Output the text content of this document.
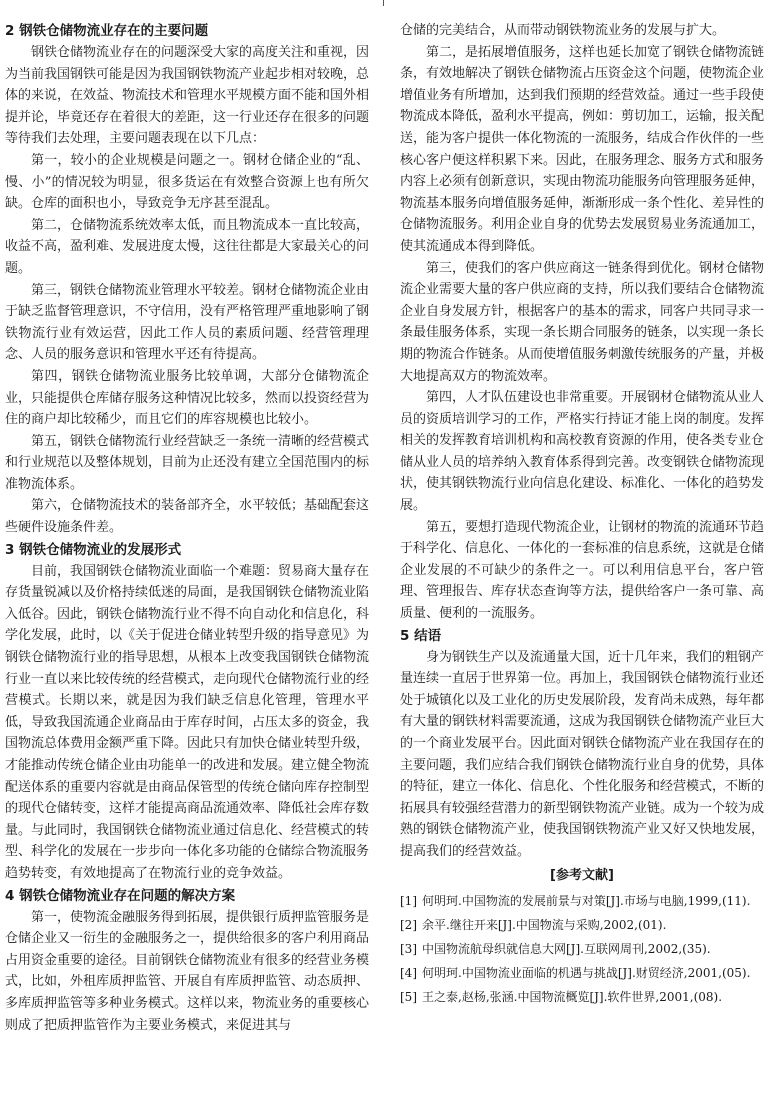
2 钢铁仓储物流业存在的主要问题

钢铁仓储物流业存在的问题深受大家的高度关注和重视，因为当前我国钢铁可能是因为我国钢铁物流产业起步相对较晚，总体的来说，在效益、物流技术和管理水平规模方面不能和国外相提并论，毕竟还存在着很大的差距，这一行业还存在很多的问题等待我们去处理，主要问题表现在以下几点：

第一，较小的企业规模是问题之一。钢材仓储企业的“乱、慢、小”的情况较为明显，很多货运在有效整合资源上也有所欠缺。仓库的面积也小，导致竞争无序甚至混乱。

第二，仓储物流系统效率太低，而且物流成本一直比较高，收益不高，盈利难、发展进度太慢，这往往都是大家最关心的问题。

第三，钢铁仓储物流业管理水平较差。钢材仓储物流企业由于缺乏监督管理意识，不守信用，没有严格管理严重地影响了钢铁物流行业有效运营，因此工作人员的素质问题、经营管理理念、人员的服务意识和管理水平还有待提高。

第四，钢铁仓储物流业服务比较单调，大部分仓储物流企业，只能提供仓库储存服务这种情况比较多，然而以投资经营为住的商户却比较稀少，而且它们的库容规模也比较小。

第五，钢铁仓储物流行业经营缺乏一条统一清晰的经营模式和行业规范以及整体规划，目前为止还没有建立全国范围内的标准物流体系。

第六，仓储物流技术的装备部齐全，水平较低；基础配套这些硬件设施条件差。

3 钢铁仓储物流业的发展形式

目前，我国钢铁仓储物流业面临一个难题：贸易商大量存在存货量锐减以及价格持续低迷的局面，是我国钢铁仓储物流业陷入低谷。因此，钢铁仓储物流行业不得不向自动化和信息化，科学化发展，此时，以《关于促进仓储业转型升级的指导意见》为钢铁仓储物流行业的指导思想，从根本上改变我国钢铁仓储物流行业一直以来比较传统的经营模式，走向现代仓储物流行业的经营模式。长期以来，就是因为我们缺乏信息化管理，管理水平低，导致我国流通企业商品由于库存时间，占压太多的资金，我国物流总体费用金额严重下降。因此只有加快仓储业转型升级，才能推动传统仓储企业由功能单一的改进和发展。建立健全物流配送体系的重要内容就是由商品保管型的传统仓储向库存控制型的现代仓储转变，这样才能提高商品流通效率、降低社会库存数量。与此同时，我国钢铁仓储物流业通过信息化、经营模式的转型、科学化的发展在一步步向一体化多功能的仓储综合物流服务趋势转变，有效地提高了在物流行业的竞争效益。

4 钢铁仓储物流业存在问题的解决方案

第一，使物流金融服务得到拓展，提供银行质押监管服务是仓储企业又一衍生的金融服务之一，提供给很多的客户利用商品占用资金重要的途径。目前钢铁仓储物流业有很多的经营业务模式，比如，外租库质押监管、开展自有库质押监管、动态质押、多库质押监管等多种业务模式。这样以来，物流业务的重要核心则成了把质押监管作为主要业务模式，来促进其与

仓储的完美结合，从而带动钢铁物流业务的发展与扩大。

第二，是拓展增值服务，这样也延长加宽了钢铁仓储物流链条，有效地解决了钢铁仓储物流占压资金这个问题，使物流企业增值业务有所增加，达到我们预期的经营效益。通过一些手段使物流成本降低，盈利水平提高，例如：剪切加工，运输，报关配送，能为客户提供一体化物流的一流服务，结成合作伙伴的一些核心客户便这样积累下来。因此，在服务理念、服务方式和服务内容上必须有创新意识，实现由物流功能服务向管理服务延伸，物流基本服务向增值服务延伸，渐渐形成一条个性化、差异性的仓储物流服务。利用企业自身的优势去发展贸易业务流通加工，使其流通成本得到降低。

第三，使我们的客户供应商这一链条得到优化。钢材仓储物流企业需要大量的客户供应商的支持，所以我们要结合仓储物流企业自身发展方针，根据客户的基本的需求，同客户共同寻求一条最佳服务体系，实现一条长期合同服务的链条，以实现一条长期的物流合作链条。从而使增值服务刺激传统服务的产量，并极大地提高双方的物流效率。

第四，人才队伍建设也非常重要。开展钢材仓储物流从业人员的资质培训学习的工作，严格实行持证才能上岗的制度。发挥相关的发挥教育培训机构和高校教育资源的作用，使各类专业仓储从业人员的培养纳入教育体系得到完善。改变钢铁仓储物流现状，使其钢铁物流行业向信息化建设、标准化、一体化的趋势发展。

第五，要想打造现代物流企业，让钢材的物流的流通环节趋于科学化、信息化、一体化的一套标准的信息系统，这就是仓储企业发展的不可缺少的条件之一。可以利用信息平台，客户管理、管理报告、库存状态查询等方法，提供给客户一条可靠、高质量、便利的一流服务。

5 结语

身为钢铁生产以及流通量大国，近十几年来，我们的粗钢产量连续一直居于世界第一位。再加上，我国钢铁仓储物流行业还处于城镇化以及工业化的历史发展阶段，发育尚未成熟，每年都有大量的钢铁材料需要流通，这成为我国钢铁仓储物流产业巨大的一个商业发展平台。因此面对钢铁仓储物流产业在我国存在的主要问题，我们应结合我们钢铁仓储物流行业自身的优势，具体的特征，建立一体化、信息化、个性化服务和经营模式，不断的拓展具有较强经营潜力的新型钢铁物流产业链。成为一个较为成熟的钢铁仓储物流产业，使我国钢铁物流产业又好又快地发展，提高我们的经营效益。

[参考文献]
[1] 何明珂.中国物流的发展前景与对策[J].市场与电脑,1999,(11).
[2] 余平.继往开来[J].中国物流与采购,2002,(01).
[3] 中国物流航母织就信息大网[J].互联网周刊,2002,(35).
[4] 何明珂.中国物流业面临的机遇与挑战[J].财贸经济,2001,(05).
[5] 王之泰,赵杨,张涵.中国物流概览[J].软件世界,2001,(08).
